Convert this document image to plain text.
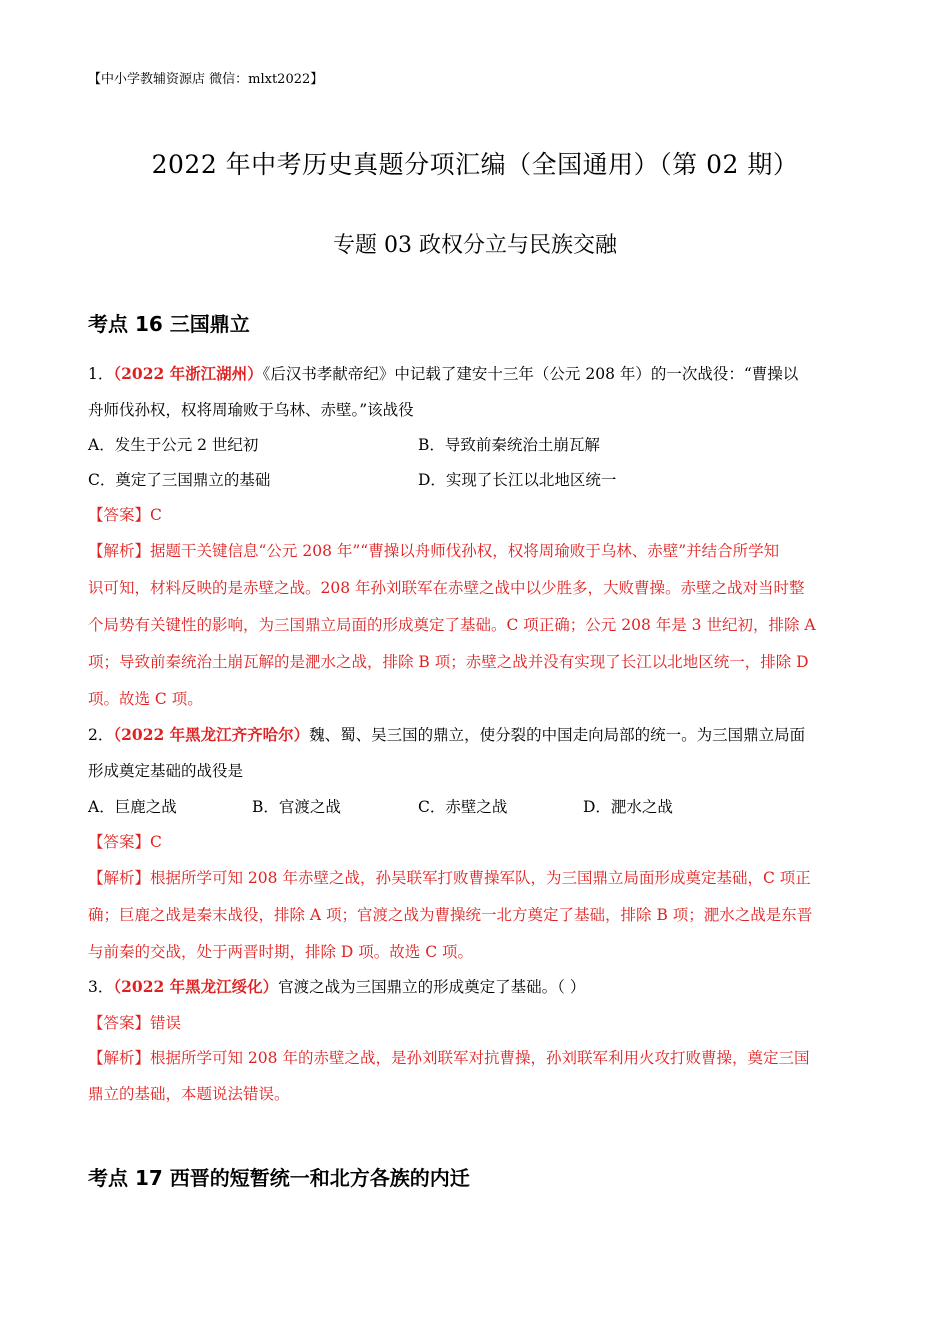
【中小学教辅资源店 微信：mlxt2022】
2022 年中考历史真题分项汇编（全国通用）（第 02 期）
专题 03 政权分立与民族交融
考点 16 三国鼎立
1．（2022 年浙江湖州）《后汉书孝献帝纪》中记载了建安十三年（公元 208 年）的一次战役：“曹操以
舟师伐孙权，权将周瑜败于乌林、赤壁。”该战役
A．发生于公元 2 世纪初	B．导致前秦统治土崩瓦解
C．奠定了三国鼎立的基础	D．实现了长江以北地区统一
【答案】C
【解析】据题干关键信息“公元 208 年”“曹操以舟师伐孙权，权将周瑜败于乌林、赤壁”并结合所学知
识可知，材料反映的是赤壁之战。208 年孙刘联军在赤壁之战中以少胜多，大败曹操。赤壁之战对当时整
个局势有关键性的影响，为三国鼎立局面的形成奠定了基础。C 项正确；公元 208 年是 3 世纪初，排除 A
项；导致前秦统治土崩瓦解的是淝水之战，排除 B 项；赤壁之战并没有实现了长江以北地区统一，排除 D
项。故选 C 项。
2．（2022 年黑龙江齐齐哈尔）魏、蜀、吴三国的鼎立，使分裂的中国走向局部的统一。为三国鼎立局面
形成奠定基础的战役是
A．巨鹿之战	B．官渡之战	C．赤壁之战	D．淝水之战
【答案】C
【解析】根据所学可知 208 年赤壁之战，孙吴联军打败曹操军队，为三国鼎立局面形成奠定基础，C 项正
确；巨鹿之战是秦末战役，排除 A 项；官渡之战为曹操统一北方奠定了基础，排除 B 项；淝水之战是东晋
与前秦的交战，处于两晋时期，排除 D 项。故选 C 项。
3．（2022 年黑龙江绥化）官渡之战为三国鼎立的形成奠定了基础。（ ）
【答案】错误
【解析】根据所学可知 208 年的赤壁之战，是孙刘联军对抗曹操，孙刘联军利用火攻打败曹操，奠定三国
鼎立的基础，本题说法错误。
考点 17 西晋的短暂统一和北方各族的内迁
